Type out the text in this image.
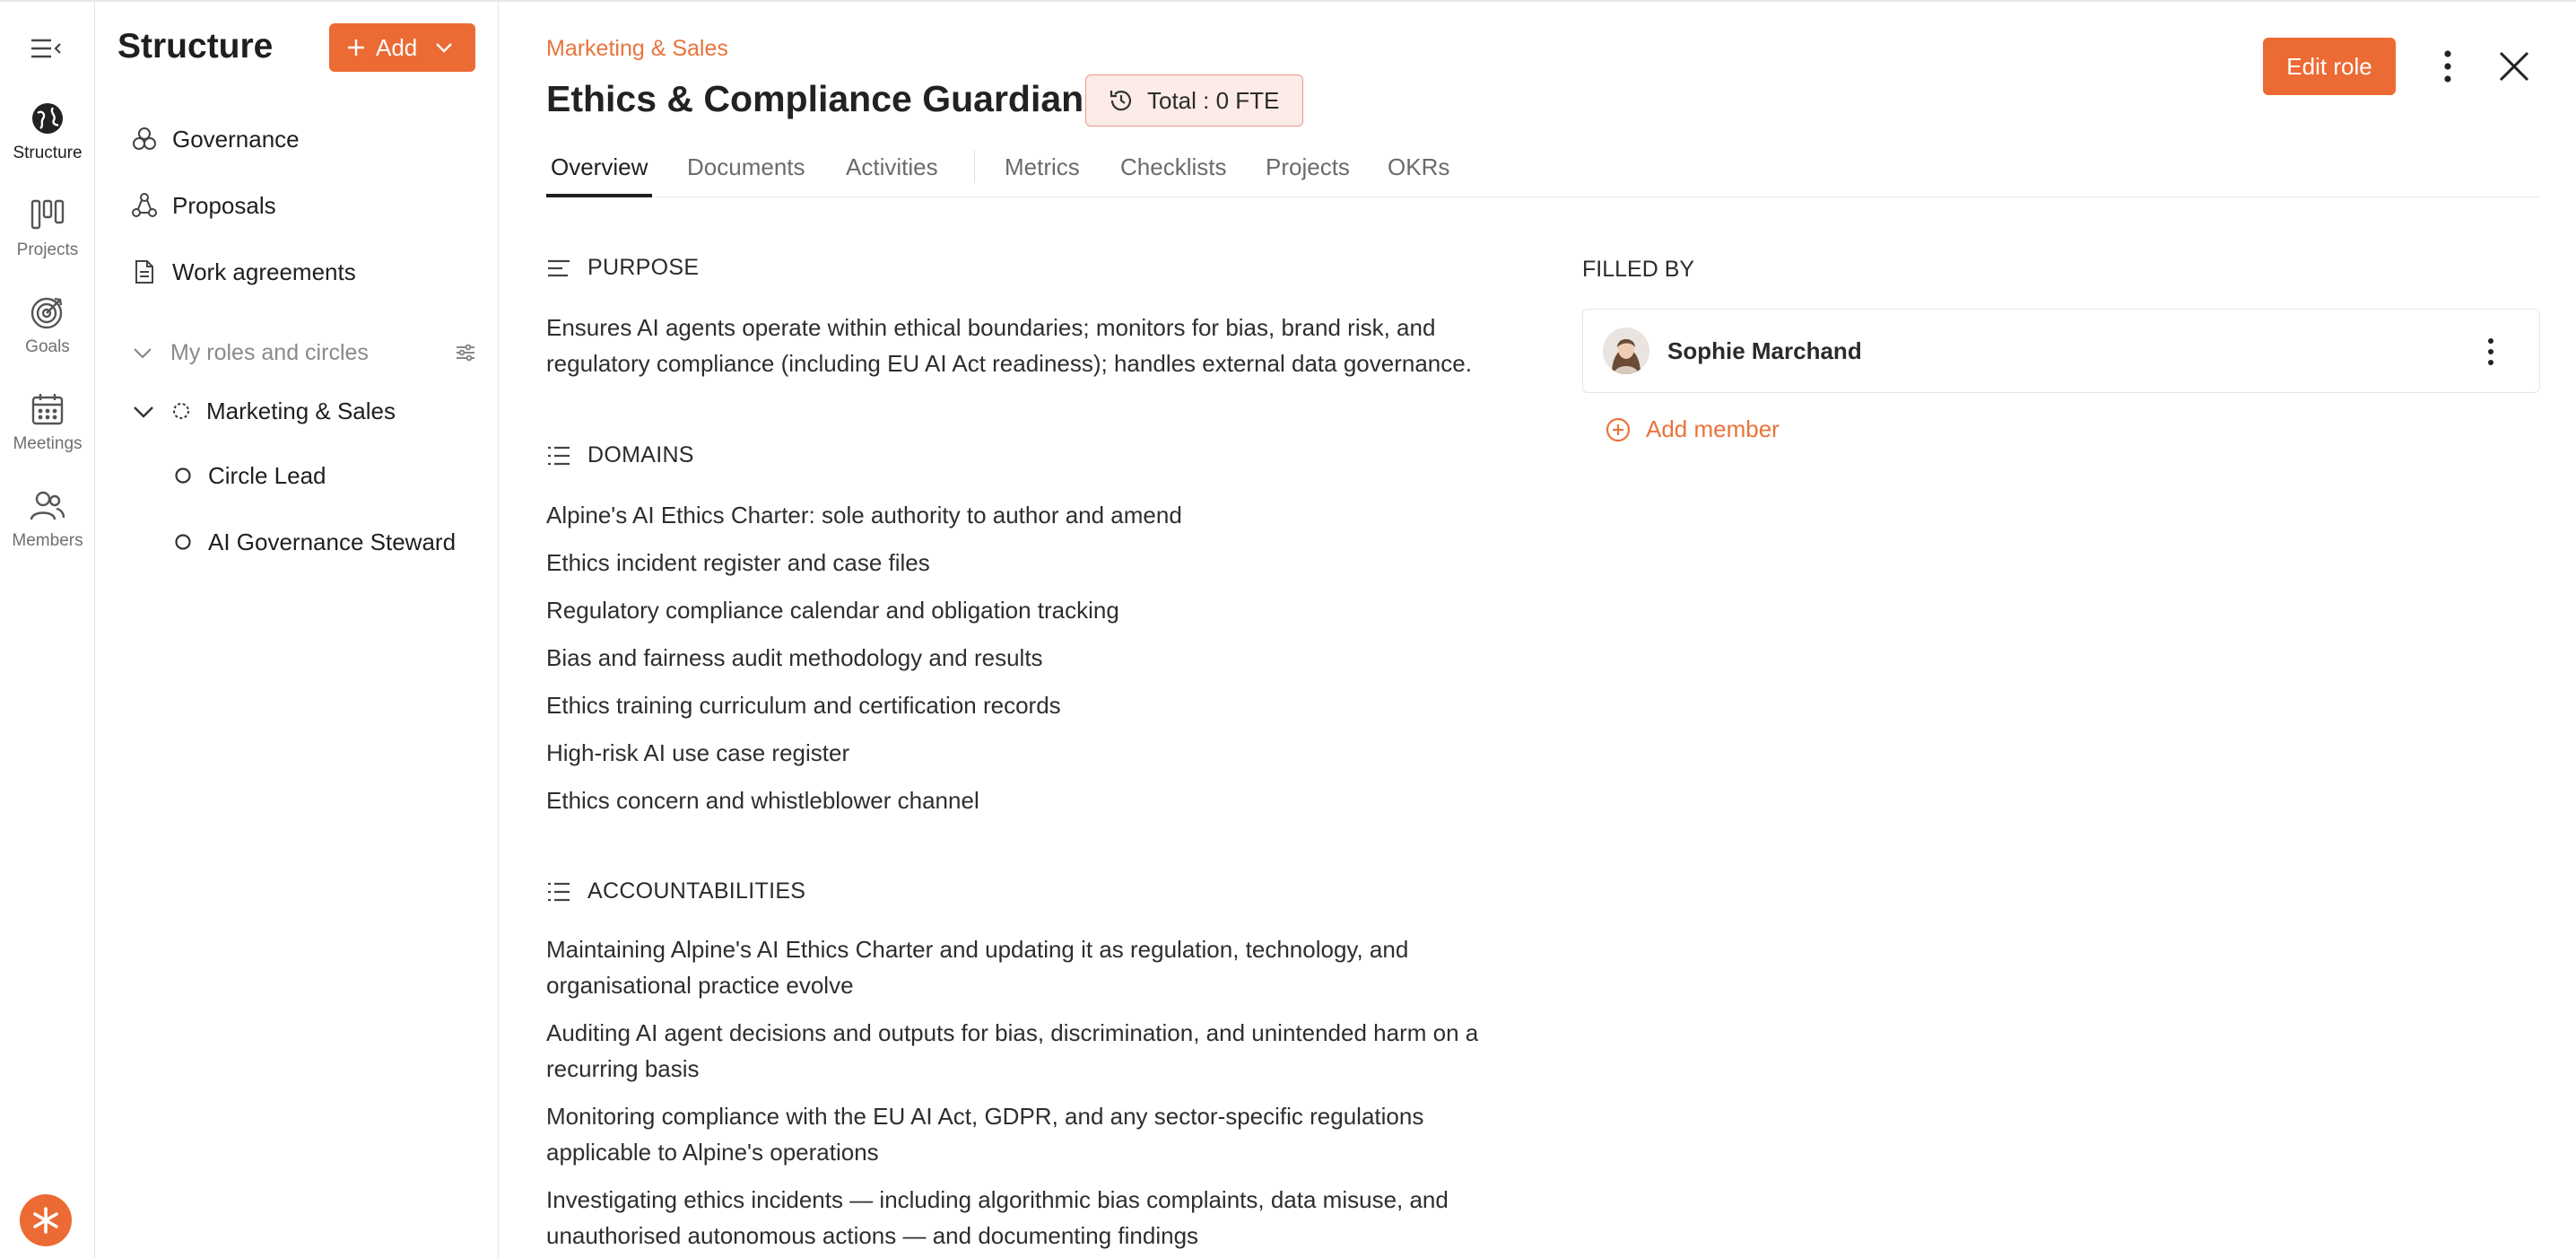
Structure
Projects
Goals
Meetings
Members
Structure	Add
Governance
Proposals
Work agreements
My roles and circles
Marketing & Sales
Circle Lead
AI Governance Steward
Marketing & Sales
Ethics & Compliance Guardian	Total : 0 FTE
Edit role
Overview Documents Activities	Metrics Checklists Projects OKRs
PURPOSE
Ensures AI agents operate within ethical boundaries; monitors for bias, brand risk, and regulatory compliance (including EU AI Act readiness); handles external data governance.
DOMAINS
Alpine's AI Ethics Charter: sole authority to author and amend
Ethics incident register and case files
Regulatory compliance calendar and obligation tracking
Bias and fairness audit methodology and results
Ethics training curriculum and certification records
High-risk AI use case register
Ethics concern and whistleblower channel
ACCOUNTABILITIES
Maintaining Alpine's AI Ethics Charter and updating it as regulation, technology, and organisational practice evolve
Auditing AI agent decisions and outputs for bias, discrimination, and unintended harm on a recurring basis
Monitoring compliance with the EU AI Act, GDPR, and any sector-specific regulations applicable to Alpine's operations
Investigating ethics incidents — including algorithmic bias complaints, data misuse, and unauthorised autonomous actions — and documenting findings
FILLED BY
Sophie Marchand
Add member
